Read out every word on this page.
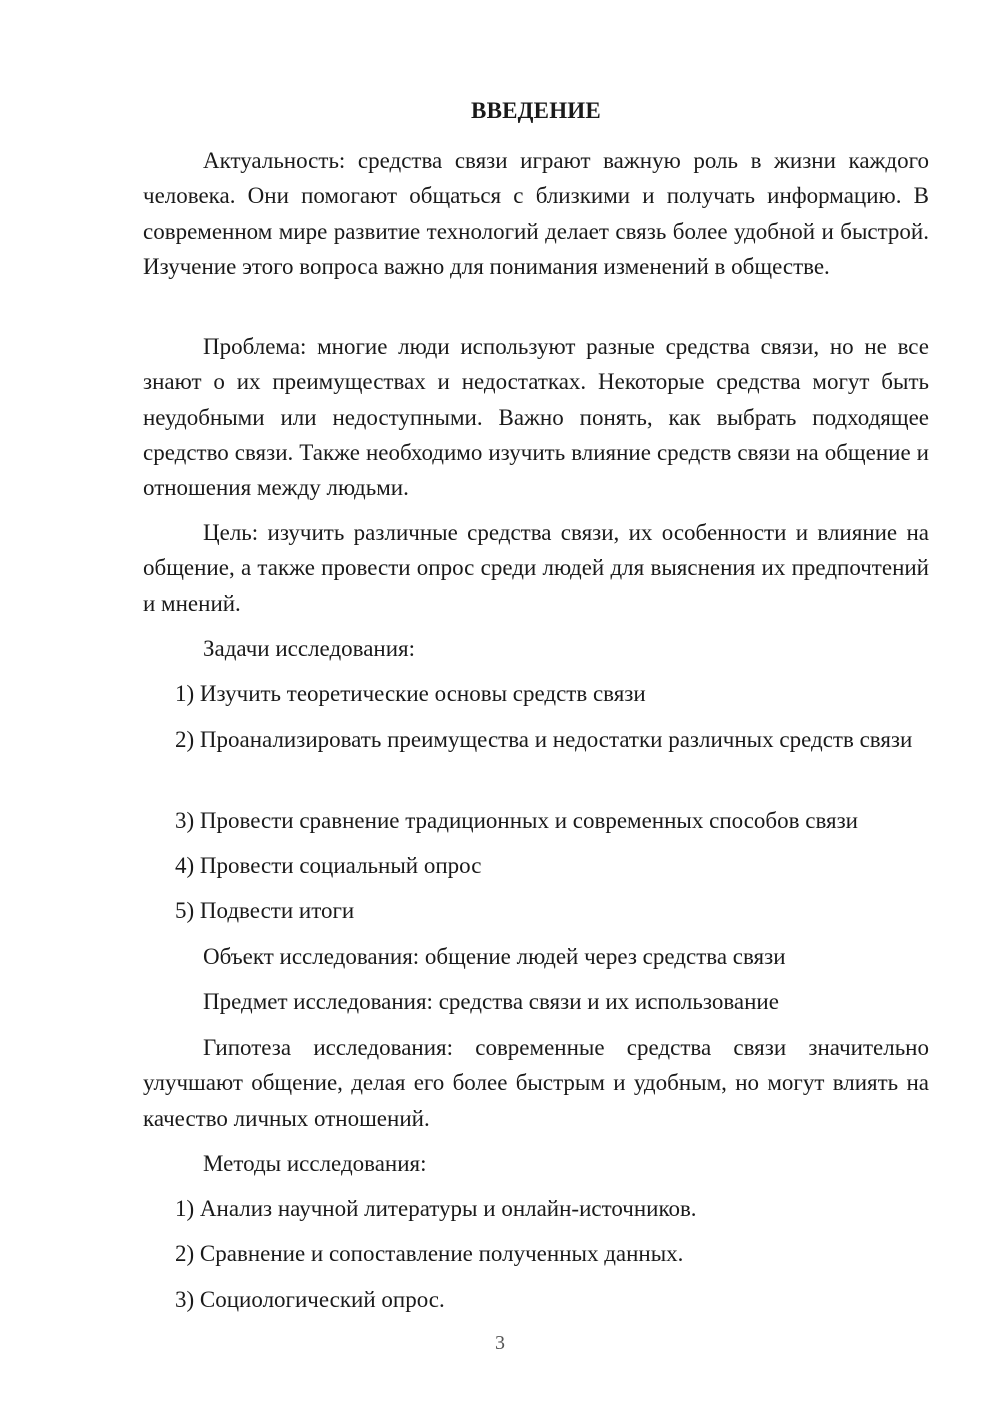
ВВЕДЕНИЕ

Актуальность: средства связи играют важную роль в жизни каждого человека. Они помогают общаться с близкими и получать информацию. В современном мире развитие технологий делает связь более удобной и быстрой. Изучение этого вопроса важно для понимания изменений в обществе.

Проблема: многие люди используют разные средства связи, но не все знают о их преимуществах и недостатках. Некоторые средства могут быть неудобными или недоступными. Важно понять, как выбрать подходящее средство связи. Также необходимо изучить влияние средств связи на общение и отношения между людьми.

Цель: изучить различные средства связи, их особенности и влияние на общение, а также провести опрос среди людей для выяснения их предпочтений и мнений.

Задачи исследования:

1) Изучить теоретические основы средств связи

2) Проанализировать преимущества и недостатки различных средств связи

3) Провести сравнение традиционных и современных способов связи

4) Провести социальный опрос

5) Подвести итоги

Объект исследования: общение людей через средства связи

Предмет исследования: средства связи и их использование

Гипотеза исследования: современные средства связи значительно улучшают общение, делая его более быстрым и удобным, но могут влиять на качество личных отношений.

Методы исследования:

1) Анализ научной литературы и онлайн-источников.

2) Сравнение и сопоставление полученных данных.

3) Социологический опрос.

3
